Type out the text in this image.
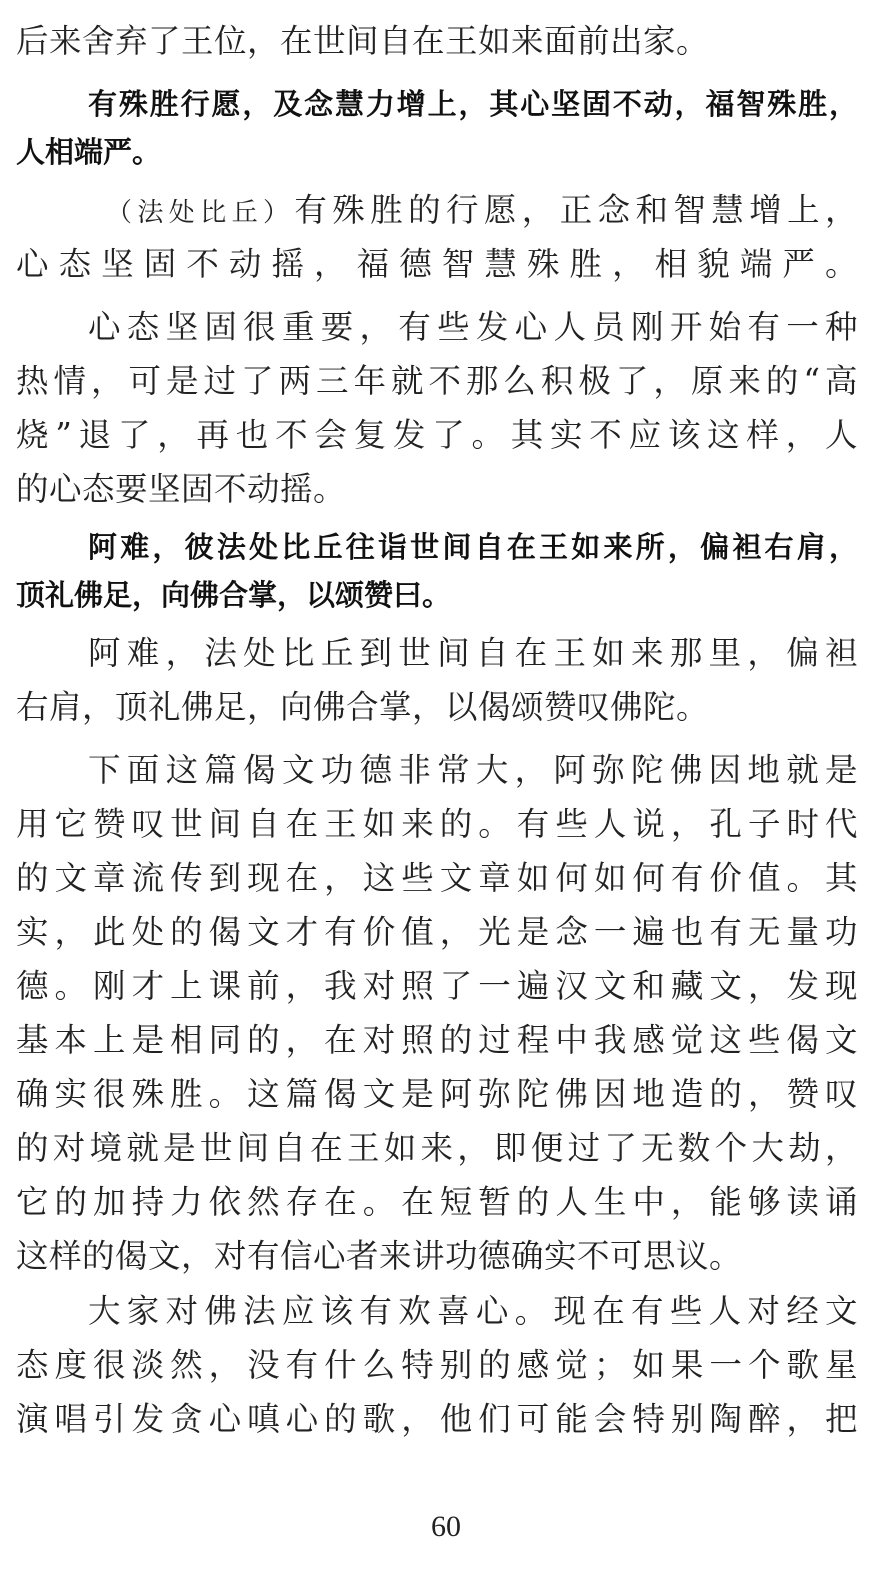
后来舍弃了王位，在世间自在王如来面前出家。
有殊胜行愿，及念慧力增上，其心坚固不动，福智殊胜，
人相端严。
（法处比丘）有殊胜的行愿，正念和智慧增上，
心态坚固不动摇，福德智慧殊胜，相貌端严。
心态坚固很重要，有些发心人员刚开始有一种
热情，可是过了两三年就不那么积极了，原来的“高
烧”退了，再也不会复发了。其实不应该这样，人
的心态要坚固不动摇。
阿难，彼法处比丘往诣世间自在王如来所，偏袒右肩，
顶礼佛足，向佛合掌，以颂赞曰。
阿难，法处比丘到世间自在王如来那里，偏袒
右肩，顶礼佛足，向佛合掌，以偈颂赞叹佛陀。
下面这篇偈文功德非常大，阿弥陀佛因地就是
用它赞叹世间自在王如来的。有些人说，孔子时代
的文章流传到现在，这些文章如何如何有价值。其
实，此处的偈文才有价值，光是念一遍也有无量功
德。刚才上课前，我对照了一遍汉文和藏文，发现
基本上是相同的，在对照的过程中我感觉这些偈文
确实很殊胜。这篇偈文是阿弥陀佛因地造的，赞叹
的对境就是世间自在王如来，即便过了无数个大劫，
它的加持力依然存在。在短暂的人生中，能够读诵
这样的偈文，对有信心者来讲功德确实不可思议。
大家对佛法应该有欢喜心。现在有些人对经文
态度很淡然，没有什么特别的感觉；如果一个歌星
演唱引发贪心嗔心的歌，他们可能会特别陶醉，把
60
